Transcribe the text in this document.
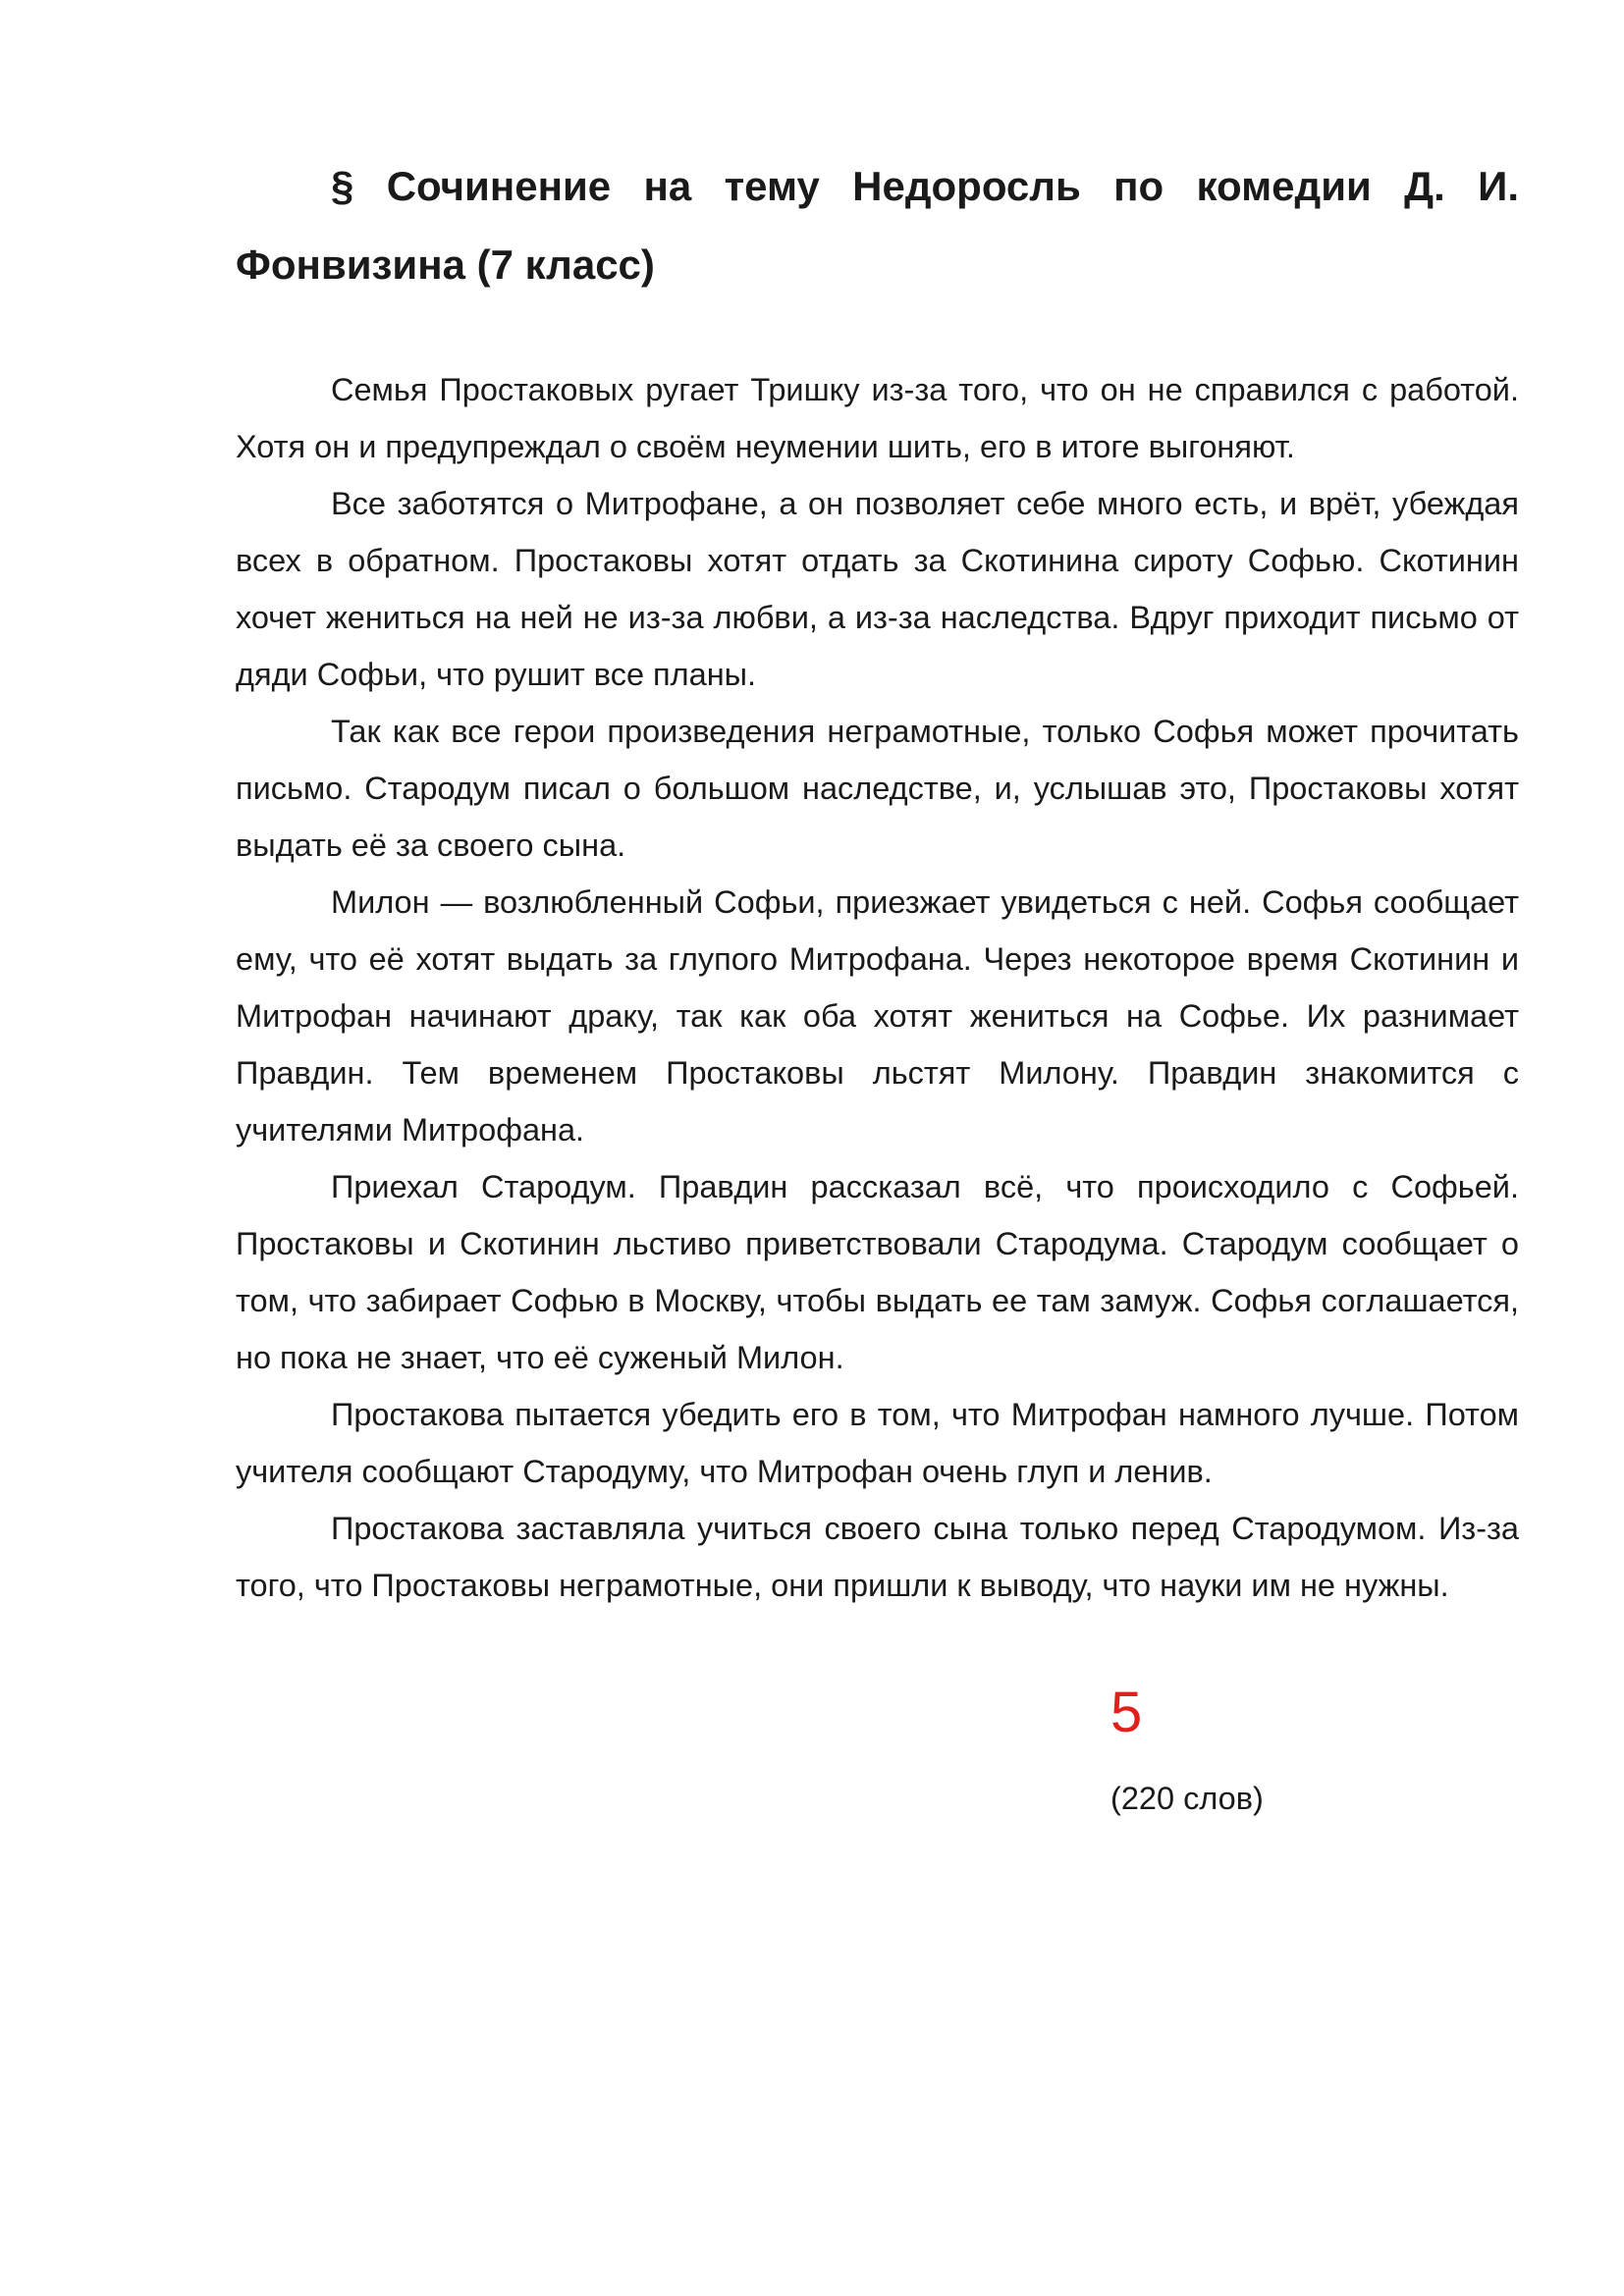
§ Сочинение на тему Недоросль по комедии Д. И. Фонвизина (7 класс)

Семья Простаковых ругает Тришку из-за того, что он не справился с работой. Хотя он и предупреждал о своём неумении шить, его в итоге выгоняют.

Все заботятся о Митрофане, а он позволяет себе много есть, и врёт, убеждая всех в обратном. Простаковы хотят отдать за Скотинина сироту Софью. Скотинин хочет жениться на ней не из-за любви, а из-за наследства. Вдруг приходит письмо от дяди Софьи, что рушит все планы.

Так как все герои произведения неграмотные, только Софья может прочитать письмо. Стародум писал о большом наследстве, и, услышав это, Простаковы хотят выдать её за своего сына.

Милон — возлюбленный Софьи, приезжает увидеться с ней. Софья сообщает ему, что её хотят выдать за глупого Митрофана. Через некоторое время Скотинин и Митрофан начинают драку, так как оба хотят жениться на Софье. Их разнимает Правдин. Тем временем Простаковы льстят Милону. Правдин знакомится с учителями Митрофана.

Приехал Стародум. Правдин рассказал всё, что происходило с Софьей. Простаковы и Скотинин льстиво приветствовали Стародума. Стародум сообщает о том, что забирает Софью в Москву, чтобы выдать ее там замуж. Софья соглашается, но пока не знает, что её суженый Милон.

Простакова пытается убедить его в том, что Митрофан намного лучше. Потом учителя сообщают Стародуму, что Митрофан очень глуп и ленив.

Простакова заставляла учиться своего сына только перед Стародумом. Из-за того, что Простаковы неграмотные, они пришли к выводу, что науки им не нужны.

5
(220 слов)
